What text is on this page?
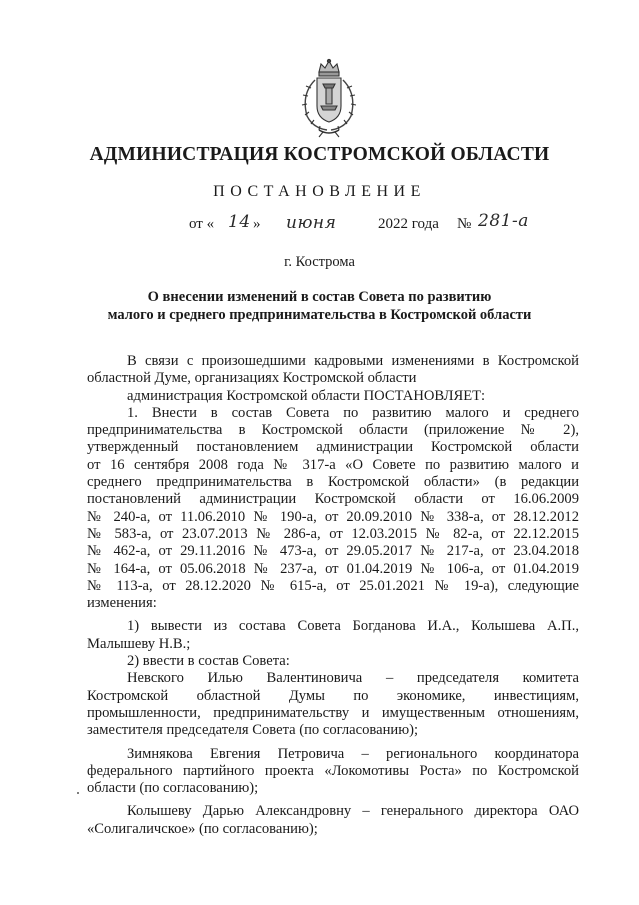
АДМИНИСТРАЦИЯ КОСТРОМСКОЙ ОБЛАСТИ
ПОСТАНОВЛЕНИЕ
от « 14 » июня	2022 года № 281-а
г. Кострома
О внесении изменений в состав Совета по развитию
малого и среднего предпринимательства в Костромской области

В связи с произошедшими кадровыми изменениями в Костромской

областной Думе, организациях Костромской области

администрация Костромской области ПОСТАНОВЛЯЕТ:

1. Внести в состав Совета по развитию малого и среднего

предпринимательства в Костромской области (приложение № 2),

утвержденный постановлением администрации Костромской области

от 16 сентября 2008 года № 317-а «О Совете по развитию малого и

среднего предпринимательства в Костромской области» (в редакции

постановлений администрации Костромской области от 16.06.2009

№ 240-а, от 11.06.2010 № 190-а, от 20.09.2010 № 338-а, от 28.12.2012

№ 583-а, от 23.07.2013 № 286-а, от 12.03.2015 № 82-а, от 22.12.2015

№ 462-а, от 29.11.2016 № 473-а, от 29.05.2017 № 217-а, от 23.04.2018

№ 164-а, от 05.06.2018 № 237-а, от 01.04.2019 № 106-а, от 01.04.2019

№ 113-а, от 28.12.2020 № 615-а, от 25.01.2021 № 19-а), следующие

изменения:

1) вывести из состава Совета Богданова И.А., Колышева А.П.,

Малышеву Н.В.;

2) ввести в состав Совета:

Невского Илью Валентиновича – председателя комитета

Костромской областной Думы по экономике, инвестициям,

промышленности, предпринимательству и имущественным отношениям,

заместителя председателя Совета (по согласованию);

Зимнякова Евгения Петровича – регионального координатора

федерального партийного проекта «Локомотивы Роста» по Костромской

области (по согласованию);

Колышеву Дарью Александровну – генерального директора ОАО

«Солигаличское» (по согласованию);
